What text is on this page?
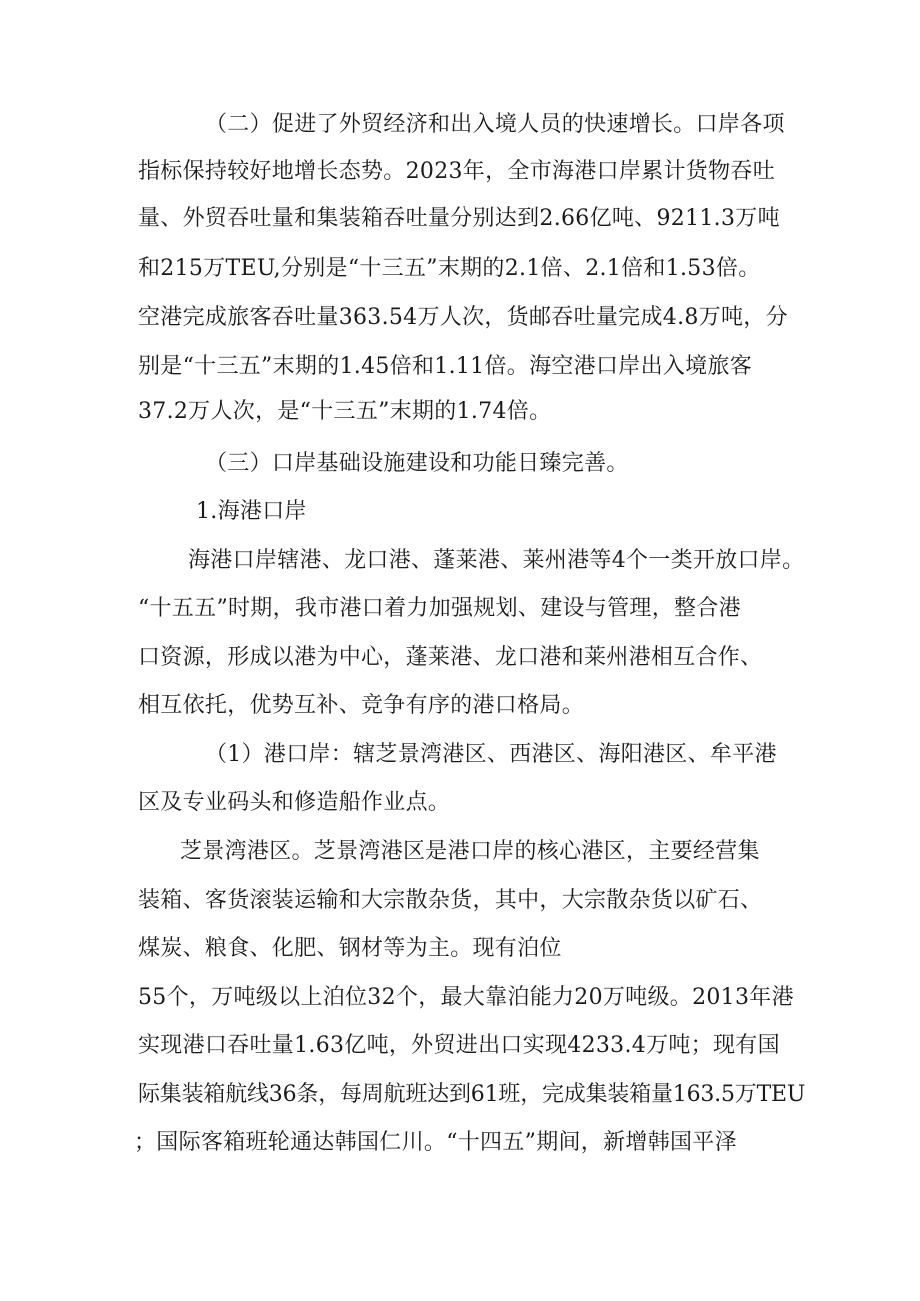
（二）促进了外贸经济和出入境人员的快速增长。口岸各项
指标保持较好地增长态势。2023年，全市海港口岸累计货物吞吐
量、外贸吞吐量和集装箱吞吐量分别达到2.66亿吨、9211.3万吨
和215万TEU,分别是“十三五”末期的2.1倍、2.1倍和1.53倍。
空港完成旅客吞吐量363.54万人次，货邮吞吐量完成4.8万吨，分
别是“十三五”末期的1.45倍和1.11倍。海空港口岸出入境旅客
37.2万人次，是“十三五”末期的1.74倍。
（三）口岸基础设施建设和功能日臻完善。
1.海港口岸
海港口岸辖港、龙口港、蓬莱港、莱州港等4个一类开放口岸。
“十五五”时期，我市港口着力加强规划、建设与管理，整合港
口资源，形成以港为中心，蓬莱港、龙口港和莱州港相互合作、
相互依托，优势互补、竞争有序的港口格局。
（1）港口岸：辖芝景湾港区、西港区、海阳港区、牟平港
区及专业码头和修造船作业点。
芝景湾港区。芝景湾港区是港口岸的核心港区，主要经营集
装箱、客货滚装运输和大宗散杂货，其中，大宗散杂货以矿石、
煤炭、粮食、化肥、钢材等为主。现有泊位
55个，万吨级以上泊位32个，最大靠泊能力20万吨级。2013年港
实现港口吞吐量1.63亿吨，外贸进出口实现4233.4万吨；现有国
际集装箱航线36条，每周航班达到61班，完成集装箱量163.5万TEU
；国际客箱班轮通达韩国仁川。“十四五”期间，新增韩国平泽
